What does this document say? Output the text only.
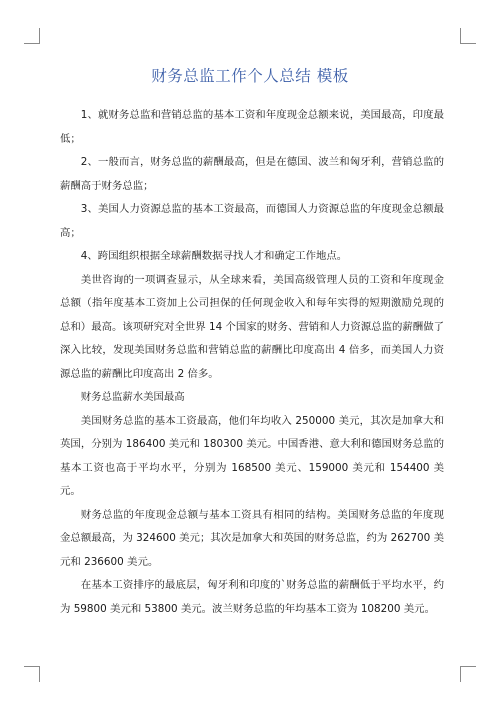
财务总监工作个人总结 模板

1、就财务总监和营销总监的基本工资和年度现金总额来说，美国最高，印度最低；

2、一般而言，财务总监的薪酬最高，但是在德国、波兰和匈牙利，营销总监的薪酬高于财务总监；

3、美国人力资源总监的基本工资最高，而德国人力资源总监的年度现金总额最高；

4、跨国组织根据全球薪酬数据寻找人才和确定工作地点。

美世咨询的一项调查显示，从全球来看，美国高级管理人员的工资和年度现金总额（指年度基本工资加上公司担保的任何现金收入和每年实得的短期激励兑现的总和）最高。该项研究对全世界 14 个国家的财务、营销和人力资源总监的薪酬做了深入比较，发现美国财务总监和营销总监的薪酬比印度高出 4 倍多，而美国人力资源总监的薪酬比印度高出 2 倍多。

财务总监薪水美国最高

美国财务总监的基本工资最高，他们年均收入 250000 美元，其次是加拿大和英国，分别为 186400 美元和 180300 美元。中国香港、意大利和德国财务总监的基本工资也高于平均水平，分别为 168500 美元、159000 美元和 154400 美元。

财务总监的年度现金总额与基本工资具有相同的结构。美国财务总监的年度现金总额最高，为 324600 美元；其次是加拿大和英国的财务总监，约为 262700 美元和 236600 美元。

在基本工资排序的最底层，匈牙利和印度的`财务总监的薪酬低于平均水平，约为 59800 美元和 53800 美元。波兰财务总监的年均基本工资为 108200 美元。
